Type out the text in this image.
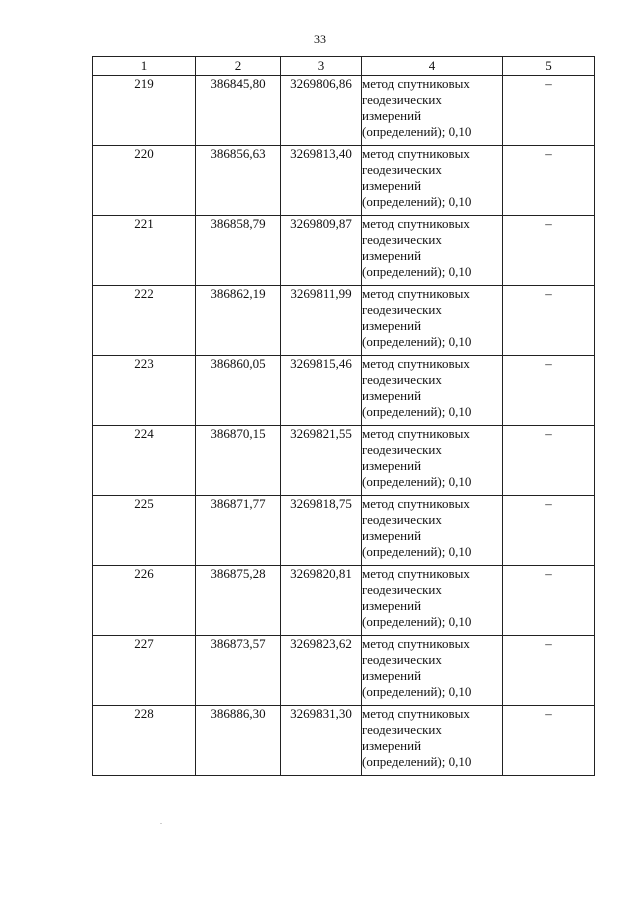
33
1	2	3	4	5
219	386845,80	3269806,86	метод спутниковых
геодезических
измерений
(определений); 0,10	–
220	386856,63	3269813,40	метод спутниковых
геодезических
измерений
(определений); 0,10	–
221	386858,79	3269809,87	метод спутниковых
геодезических
измерений
(определений); 0,10	–
222	386862,19	3269811,99	метод спутниковых
геодезических
измерений
(определений); 0,10	–
223	386860,05	3269815,46	метод спутниковых
геодезических
измерений
(определений); 0,10	–
224	386870,15	3269821,55	метод спутниковых
геодезических
измерений
(определений); 0,10	–
225	386871,77	3269818,75	метод спутниковых
геодезических
измерений
(определений); 0,10	–
226	386875,28	3269820,81	метод спутниковых
геодезических
измерений
(определений); 0,10	–
227	386873,57	3269823,62	метод спутниковых
геодезических
измерений
(определений); 0,10	–
228	386886,30	3269831,30	метод спутниковых
геодезических
измерений
(определений); 0,10	–
